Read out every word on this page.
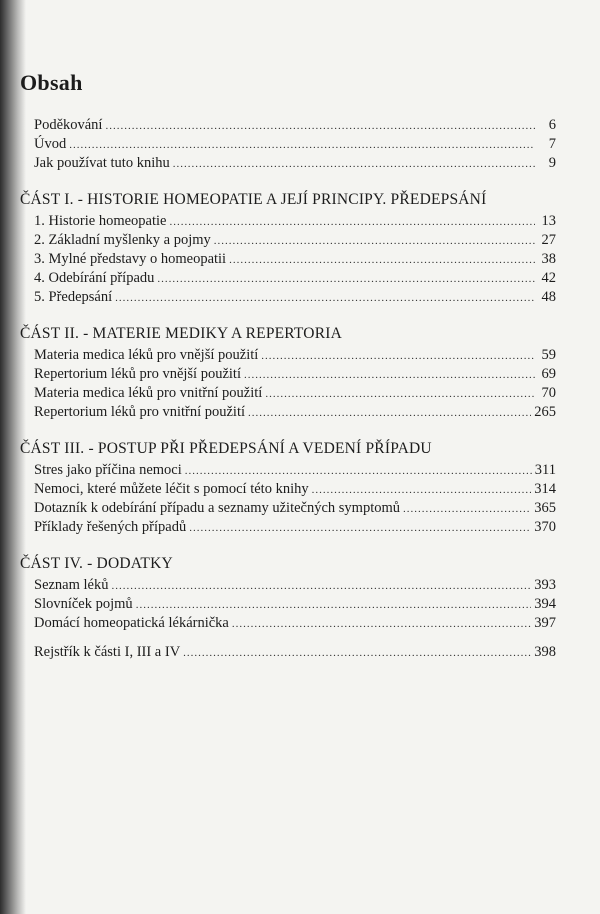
Obsah
Poděkování .....	6
Úvod .....	7
Jak používat tuto knihu .....	9
ČÁST I. - HISTORIE HOMEOPATIE A JEJÍ PRINCIPY. PŘEDEPSÁNÍ
1. Historie homeopatie .....	13
2. Základní myšlenky a pojmy .....	27
3. Mylné představy o homeopatii .....	38
4. Odebírání případu .....	42
5. Předepsání .....	48
ČÁST II. - MATERIE MEDIKY A REPERTORIA
Materia medica léků pro vnější použití .....	59
Repertorium léků pro vnější použití .....	69
Materia medica léků pro vnitřní použití .....	70
Repertorium léků pro vnitřní použití .....	265
ČÁST III. - POSTUP PŘI PŘEDEPSÁNÍ A VEDENÍ PŘÍPADU
Stres jako příčina nemoci .....	311
Nemoci, které můžete léčit s pomocí této knihy .....	314
Dotazník k odebírání případu a seznamy užitečných symptomů .....	365
Příklady řešených případů .....	370
ČÁST IV. - DODATKY
Seznam léků .....	393
Slovníček pojmů .....	394
Domácí homeopatická lékárnička .....	397
Rejstřík k části I, III a IV .....	398
